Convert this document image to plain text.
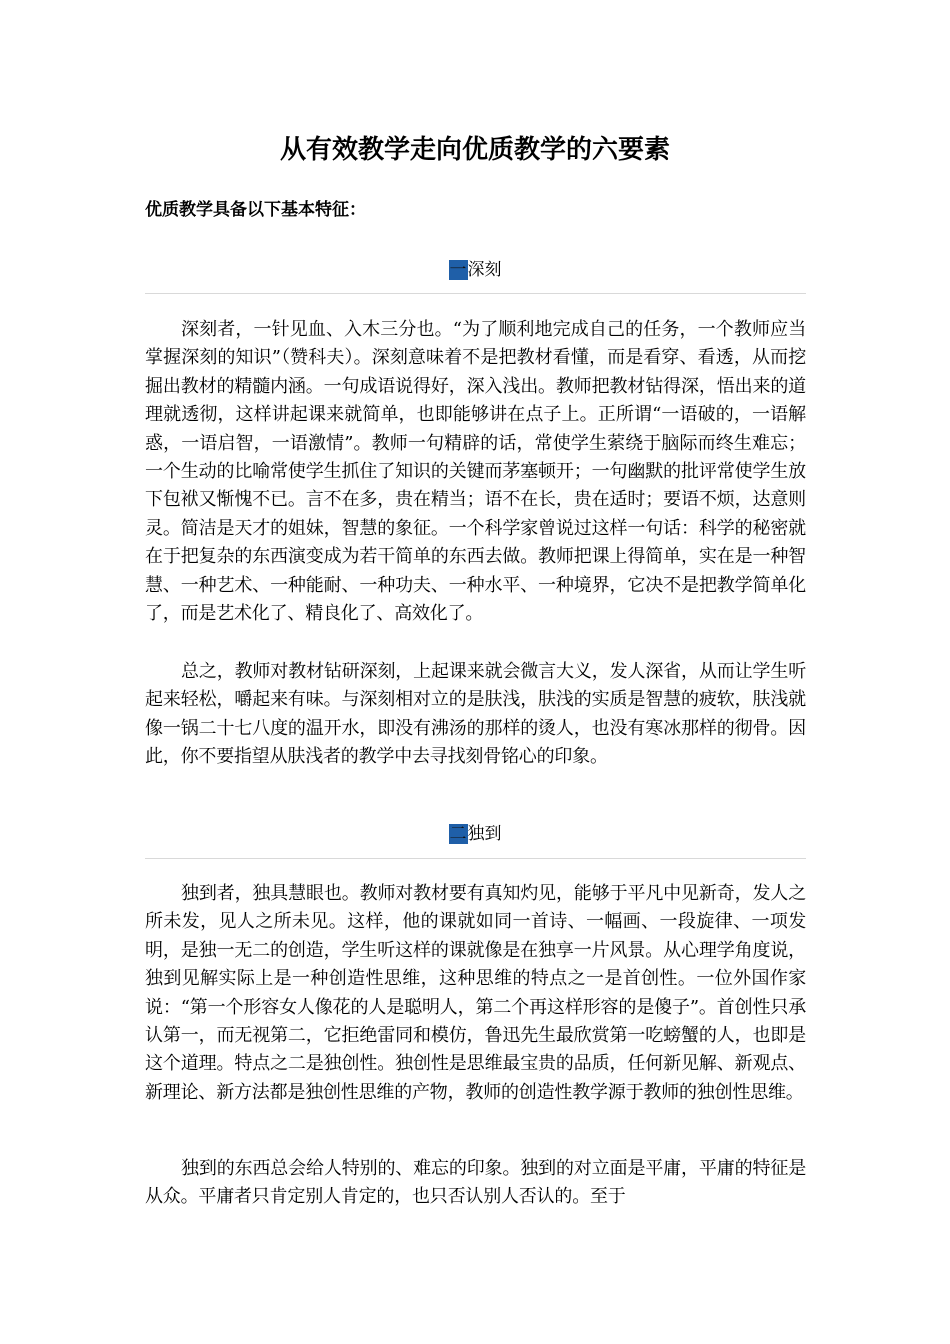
从有效教学走向优质教学的六要素

优质教学具备以下基本特征：

一深刻

深刻者，一针见血、入木三分也。“为了顺利地完成自己的任务，一个教师应当掌握深刻的知识”（赞科夫）。深刻意味着不是把教材看懂，而是看穿、看透，从而挖掘出教材的精髓内涵。一句成语说得好，深入浅出。教师把教材钻得深，悟出来的道理就透彻，这样讲起课来就简单，也即能够讲在点子上。正所谓“一语破的，一语解惑，一语启智，一语激情”。教师一句精辟的话，常使学生萦绕于脑际而终生难忘；一个生动的比喻常使学生抓住了知识的关键而茅塞顿开；一句幽默的批评常使学生放下包袱又惭愧不已。言不在多，贵在精当；语不在长，贵在适时；要语不烦，达意则灵。简洁是天才的姐妹，智慧的象征。一个科学家曾说过这样一句话：科学的秘密就在于把复杂的东西演变成为若干简单的东西去做。教师把课上得简单，实在是一种智慧、一种艺术、一种能耐、一种功夫、一种水平、一种境界，它决不是把教学简单化了，而是艺术化了、精良化了、高效化了。

总之，教师对教材钻研深刻，上起课来就会微言大义，发人深省，从而让学生听起来轻松，嚼起来有味。与深刻相对立的是肤浅，肤浅的实质是智慧的疲软，肤浅就像一锅二十七八度的温开水，即没有沸汤的那样的烫人，也没有寒冰那样的彻骨。因此，你不要指望从肤浅者的教学中去寻找刻骨铭心的印象。

二独到

独到者，独具慧眼也。教师对教材要有真知灼见，能够于平凡中见新奇，发人之所未发，见人之所未见。这样，他的课就如同一首诗、一幅画、一段旋律、一项发明，是独一无二的创造，学生听这样的课就像是在独享一片风景。从心理学角度说，独到见解实际上是一种创造性思维，这种思维的特点之一是首创性。一位外国作家说：“第一个形容女人像花的人是聪明人，第二个再这样形容的是傻子”。首创性只承认第一，而无视第二，它拒绝雷同和模仿，鲁迅先生最欣赏第一吃螃蟹的人，也即是这个道理。特点之二是独创性。独创性是思维最宝贵的品质，任何新见解、新观点、新理论、新方法都是独创性思维的产物，教师的创造性教学源于教师的独创性思维。

独到的东西总会给人特别的、难忘的印象。独到的对立面是平庸，平庸的特征是从众。平庸者只肯定别人肯定的，也只否认别人否认的。至于
